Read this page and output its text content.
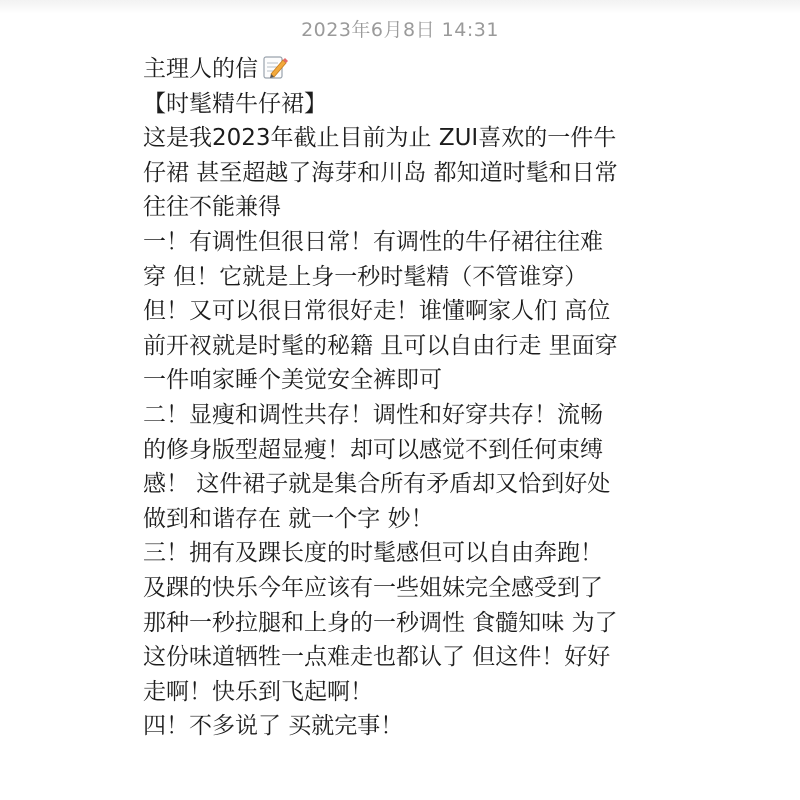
2023年6月8日 14:31
主理人的信
【时髦精牛仔裙】
这是我2023年截止目前为止 ZUI喜欢的一件牛
仔裙 甚至超越了海芽和川岛 都知道时髦和日常
往往不能兼得
一！有调性但很日常！有调性的牛仔裙往往难
穿 但！它就是上身一秒时髦精（不管谁穿）
但！又可以很日常很好走！谁懂啊家人们 高位
前开衩就是时髦的秘籍 且可以自由行走 里面穿
一件咱家睡个美觉安全裤即可
二！显瘦和调性共存！调性和好穿共存！流畅
的修身版型超显瘦！却可以感觉不到任何束缚
感！ 这件裙子就是集合所有矛盾却又恰到好处
做到和谐存在 就一个字 妙！
三！拥有及踝长度的时髦感但可以自由奔跑！
及踝的快乐今年应该有一些姐妹完全感受到了
那种一秒拉腿和上身的一秒调性 食髓知味 为了
这份味道牺牲一点难走也都认了 但这件！好好
走啊！快乐到飞起啊！
四！不多说了 买就完事！
